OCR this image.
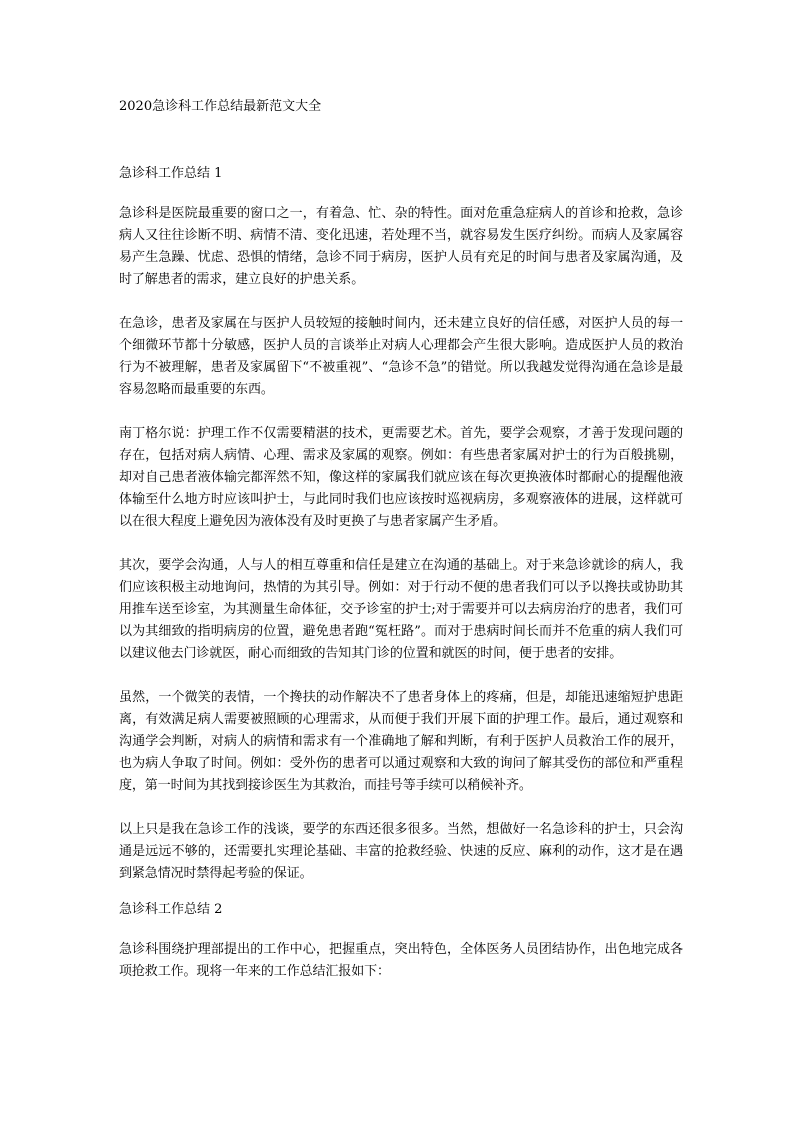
2020急诊科工作总结最新范文大全
急诊科工作总结 1

急诊科是医院最重要的窗口之一，有着急、忙、杂的特性。面对危重急症病人的首诊和抢救，急诊病人又往往诊断不明、病情不清、变化迅速，若处理不当，就容易发生医疗纠纷。而病人及家属容易产生急躁、忧虑、恐惧的情绪，急诊不同于病房，医护人员有充足的时间与患者及家属沟通，及时了解患者的需求，建立良好的护患关系。

在急诊，患者及家属在与医护人员较短的接触时间内，还未建立良好的信任感，对医护人员的每一个细微环节都十分敏感，医护人员的言谈举止对病人心理都会产生很大影响。造成医护人员的救治行为不被理解，患者及家属留下“不被重视”、“急诊不急”的错觉。所以我越发觉得沟通在急诊是最容易忽略而最重要的东西。

南丁格尔说：护理工作不仅需要精湛的技术，更需要艺术。首先，要学会观察，才善于发现问题的存在，包括对病人病情、心理、需求及家属的观察。例如：有些患者家属对护士的行为百般挑剔，却对自己患者液体输完都浑然不知，像这样的家属我们就应该在每次更换液体时都耐心的提醒他液体输至什么地方时应该叫护士，与此同时我们也应该按时巡视病房，多观察液体的进展，这样就可以在很大程度上避免因为液体没有及时更换了与患者家属产生矛盾。

其次，要学会沟通，人与人的相互尊重和信任是建立在沟通的基础上。对于来急诊就诊的病人，我们应该积极主动地询问，热情的为其引导。例如：对于行动不便的患者我们可以予以搀扶或协助其用推车送至诊室，为其测量生命体征，交予诊室的护士;对于需要并可以去病房治疗的患者，我们可以为其细致的指明病房的位置，避免患者跑“冤枉路”。而对于患病时间长而并不危重的病人我们可以建议他去门诊就医，耐心而细致的告知其门诊的位置和就医的时间，便于患者的安排。

虽然，一个微笑的表情，一个搀扶的动作解决不了患者身体上的疼痛，但是，却能迅速缩短护患距离，有效满足病人需要被照顾的心理需求，从而便于我们开展下面的护理工作。最后，通过观察和沟通学会判断，对病人的病情和需求有一个准确地了解和判断，有利于医护人员救治工作的展开，也为病人争取了时间。例如：受外伤的患者可以通过观察和大致的询问了解其受伤的部位和严重程度，第一时间为其找到接诊医生为其救治，而挂号等手续可以稍候补齐。

以上只是我在急诊工作的浅谈，要学的东西还很多很多。当然，想做好一名急诊科的护士，只会沟通是远远不够的，还需要扎实理论基础、丰富的抢救经验、快速的反应、麻利的动作，这才是在遇到紧急情况时禁得起考验的保证。

急诊科工作总结 2

急诊科围绕护理部提出的工作中心，把握重点，突出特色，全体医务人员团结协作，出色地完成各项抢救工作。现将一年来的工作总结汇报如下：
